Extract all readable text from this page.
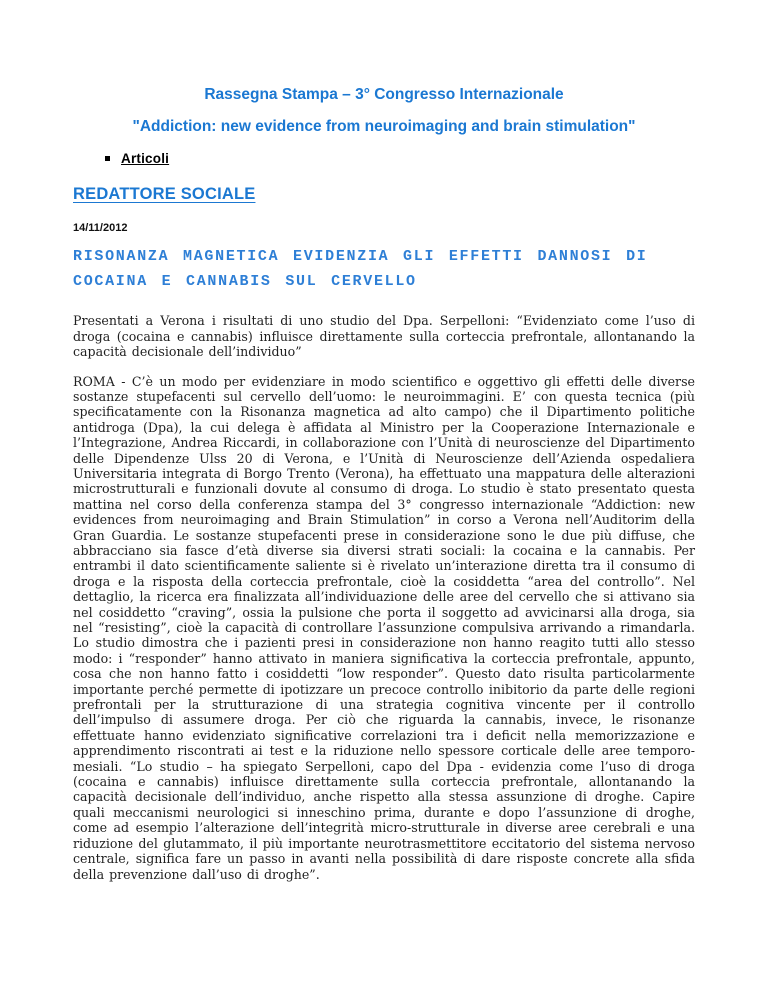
Rassegna Stampa – 3° Congresso Internazionale
"Addiction: new evidence from neuroimaging and brain stimulation"
Articoli
REDATTORE SOCIALE
14/11/2012
RISONANZA MAGNETICA EVIDENZIA GLI EFFETTI DANNOSI DI
COCAINA E CANNABIS SUL CERVELLO

Presentati a Verona i risultati di uno studio del Dpa. Serpelloni: “Evidenziato come l’uso di droga (cocaina e cannabis) influisce direttamente sulla corteccia prefrontale, allontanando la capacità decisionale dell’individuo”

ROMA - C’è un modo per evidenziare in modo scientifico e oggettivo gli effetti delle diverse sostanze stupefacenti sul cervello dell’uomo: le neuroimmagini. E’ con questa tecnica (più specificatamente con la Risonanza magnetica ad alto campo) che il Dipartimento politiche antidroga (Dpa), la cui delega è affidata al Ministro per la Cooperazione Internazionale e l’Integrazione, Andrea Riccardi, in collaborazione con l’Unità di neuroscienze del Dipartimento delle Dipendenze Ulss 20 di Verona, e l’Unità di Neuroscienze dell’Azienda ospedaliera Universitaria integrata di Borgo Trento (Verona), ha effettuato una mappatura delle alterazioni microstrutturali e funzionali dovute al consumo di droga. Lo studio è stato presentato questa mattina nel corso della conferenza stampa del 3° congresso internazionale “Addiction: new evidences from neuroimaging and Brain Stimulation” in corso a Verona nell’Auditorim della Gran Guardia. Le sostanze stupefacenti prese in considerazione sono le due più diffuse, che abbracciano sia fasce d’età diverse sia diversi strati sociali: la cocaina e la cannabis. Per entrambi il dato scientificamente saliente si è rivelato un’interazione diretta tra il consumo di droga e la risposta della corteccia prefrontale, cioè la cosiddetta “area del controllo”. Nel dettaglio, la ricerca era finalizzata all’individuazione delle aree del cervello che si attivano sia nel cosiddetto “craving”, ossia la pulsione che porta il soggetto ad avvicinarsi alla droga, sia nel “resisting”, cioè la capacità di controllare l’assunzione compulsiva arrivando a rimandarla. Lo studio dimostra che i pazienti presi in considerazione non hanno reagito tutti allo stesso modo: i “responder” hanno attivato in maniera significativa la corteccia prefrontale, appunto, cosa che non hanno fatto i cosiddetti “low responder”. Questo dato risulta particolarmente importante perché permette di ipotizzare un precoce controllo inibitorio da parte delle regioni prefrontali per la strutturazione di una strategia cognitiva vincente per il controllo dell’impulso di assumere droga. Per ciò che riguarda la cannabis, invece, le risonanze effettuate hanno evidenziato significative correlazioni tra i deficit nella memorizzazione e apprendimento riscontrati ai test e la riduzione nello spessore corticale delle aree temporo-mesiali. “Lo studio – ha spiegato Serpelloni, capo del Dpa - evidenzia come l’uso di droga (cocaina e cannabis) influisce direttamente sulla corteccia prefrontale, allontanando la capacità decisionale dell’individuo, anche rispetto alla stessa assunzione di droghe. Capire quali meccanismi neurologici si inneschino prima, durante e dopo l’assunzione di droghe, come ad esempio l’alterazione dell’integrità micro-strutturale in diverse aree cerebrali e una riduzione del glutammato, il più importante neurotrasmettitore eccitatorio del sistema nervoso centrale, significa fare un passo in avanti nella possibilità di dare risposte concrete alla sfida della prevenzione dall’uso di droghe”.
